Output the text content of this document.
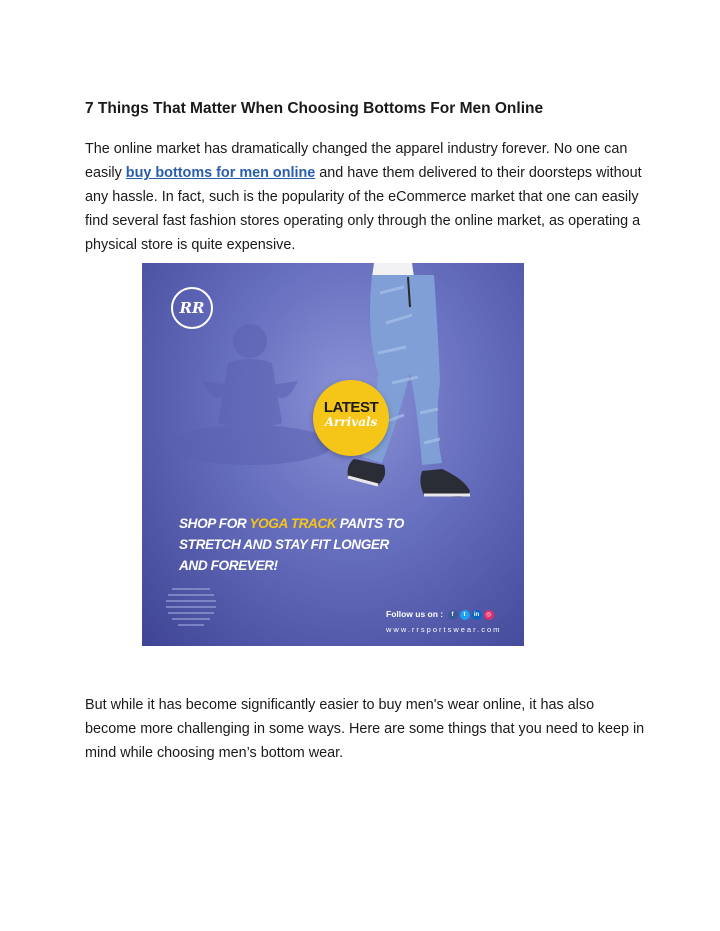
7 Things That Matter When Choosing Bottoms For Men Online

The online market has dramatically changed the apparel industry forever. No one can easily buy bottoms for men online and have them delivered to their doorsteps without any hassle. In fact, such is the popularity of the eCommerce market that one can easily find several fast fashion stores operating only through the online market, as operating a physical store is quite expensive.

RR
LATEST
Arrivals
SHOP FOR YOGA TRACK PANTS TO STRETCH AND STAY FIT LONGER AND FOREVER!
Follow us on : f t in ◎
www.rrsportswear.com

But while it has become significantly easier to buy men's wear online, it has also become more challenging in some ways. Here are some things that you need to keep in mind while choosing men’s bottom wear.
